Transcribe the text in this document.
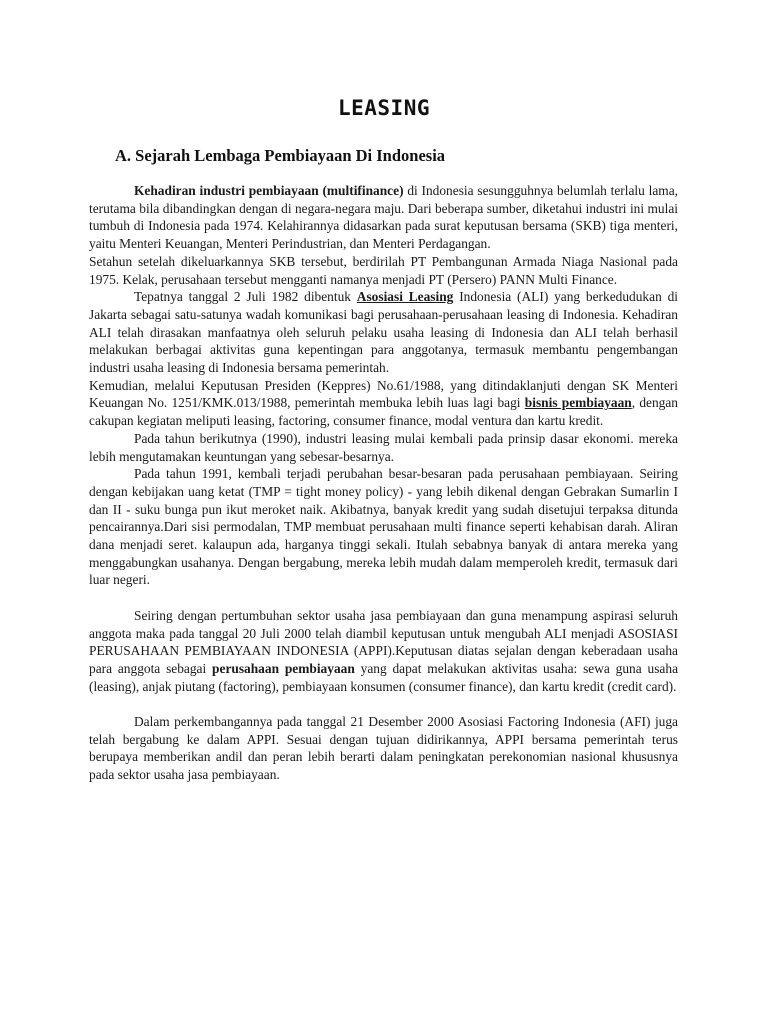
LEASING
A. Sejarah Lembaga Pembiayaan Di Indonesia

Kehadiran industri pembiayaan (multifinance) di Indonesia sesungguhnya belumlah terlalu lama, terutama bila dibandingkan dengan di negara-negara maju. Dari beberapa sumber, diketahui industri ini mulai tumbuh di Indonesia pada 1974. Kelahirannya didasarkan pada surat keputusan bersama (SKB) tiga menteri, yaitu Menteri Keuangan, Menteri Perindustrian, dan Menteri Perdagangan.

Setahun setelah dikeluarkannya SKB tersebut, berdirilah PT Pembangunan Armada Niaga Nasional pada 1975. Kelak, perusahaan tersebut mengganti namanya menjadi PT (Persero) PANN Multi Finance.

Tepatnya tanggal 2 Juli 1982 dibentuk Asosiasi Leasing Indonesia (ALI) yang berkedudukan di Jakarta sebagai satu-satunya wadah komunikasi bagi perusahaan-perusahaan leasing di Indonesia. Kehadiran ALI telah dirasakan manfaatnya oleh seluruh pelaku usaha leasing di Indonesia dan ALI telah berhasil melakukan berbagai aktivitas guna kepentingan para anggotanya, termasuk membantu pengembangan industri usaha leasing di Indonesia bersama pemerintah.

Kemudian, melalui Keputusan Presiden (Keppres) No.61/1988, yang ditindaklanjuti dengan SK Menteri Keuangan No. 1251/KMK.013/1988, pemerintah membuka lebih luas lagi bagi bisnis pembiayaan, dengan cakupan kegiatan meliputi leasing, factoring, consumer finance, modal ventura dan kartu kredit.

Pada tahun berikutnya (1990), industri leasing mulai kembali pada prinsip dasar ekonomi. mereka lebih mengutamakan keuntungan yang sebesar-besarnya.

Pada tahun 1991, kembali terjadi perubahan besar-besaran pada perusahaan pembiayaan. Seiring dengan kebijakan uang ketat (TMP = tight money policy) - yang lebih dikenal dengan Gebrakan Sumarlin I dan II - suku bunga pun ikut meroket naik. Akibatnya, banyak kredit yang sudah disetujui terpaksa ditunda pencairannya.Dari sisi permodalan, TMP membuat perusahaan multi finance seperti kehabisan darah. Aliran dana menjadi seret. kalaupun ada, harganya tinggi sekali. Itulah sebabnya banyak di antara mereka yang menggabungkan usahanya. Dengan bergabung, mereka lebih mudah dalam memperoleh kredit, termasuk dari luar negeri.

Seiring dengan pertumbuhan sektor usaha jasa pembiayaan dan guna menampung aspirasi seluruh anggota maka pada tanggal 20 Juli 2000 telah diambil keputusan untuk mengubah ALI menjadi ASOSIASI PERUSAHAAN PEMBIAYAAN INDONESIA (APPI).Keputusan diatas sejalan dengan keberadaan usaha para anggota sebagai perusahaan pembiayaan yang dapat melakukan aktivitas usaha: sewa guna usaha (leasing), anjak piutang (factoring), pembiayaan konsumen (consumer finance), dan kartu kredit (credit card).

Dalam perkembangannya pada tanggal 21 Desember 2000 Asosiasi Factoring Indonesia (AFI) juga telah bergabung ke dalam APPI. Sesuai dengan tujuan didirikannya, APPI bersama pemerintah terus berupaya memberikan andil dan peran lebih berarti dalam peningkatan perekonomian nasional khususnya pada sektor usaha jasa pembiayaan.
